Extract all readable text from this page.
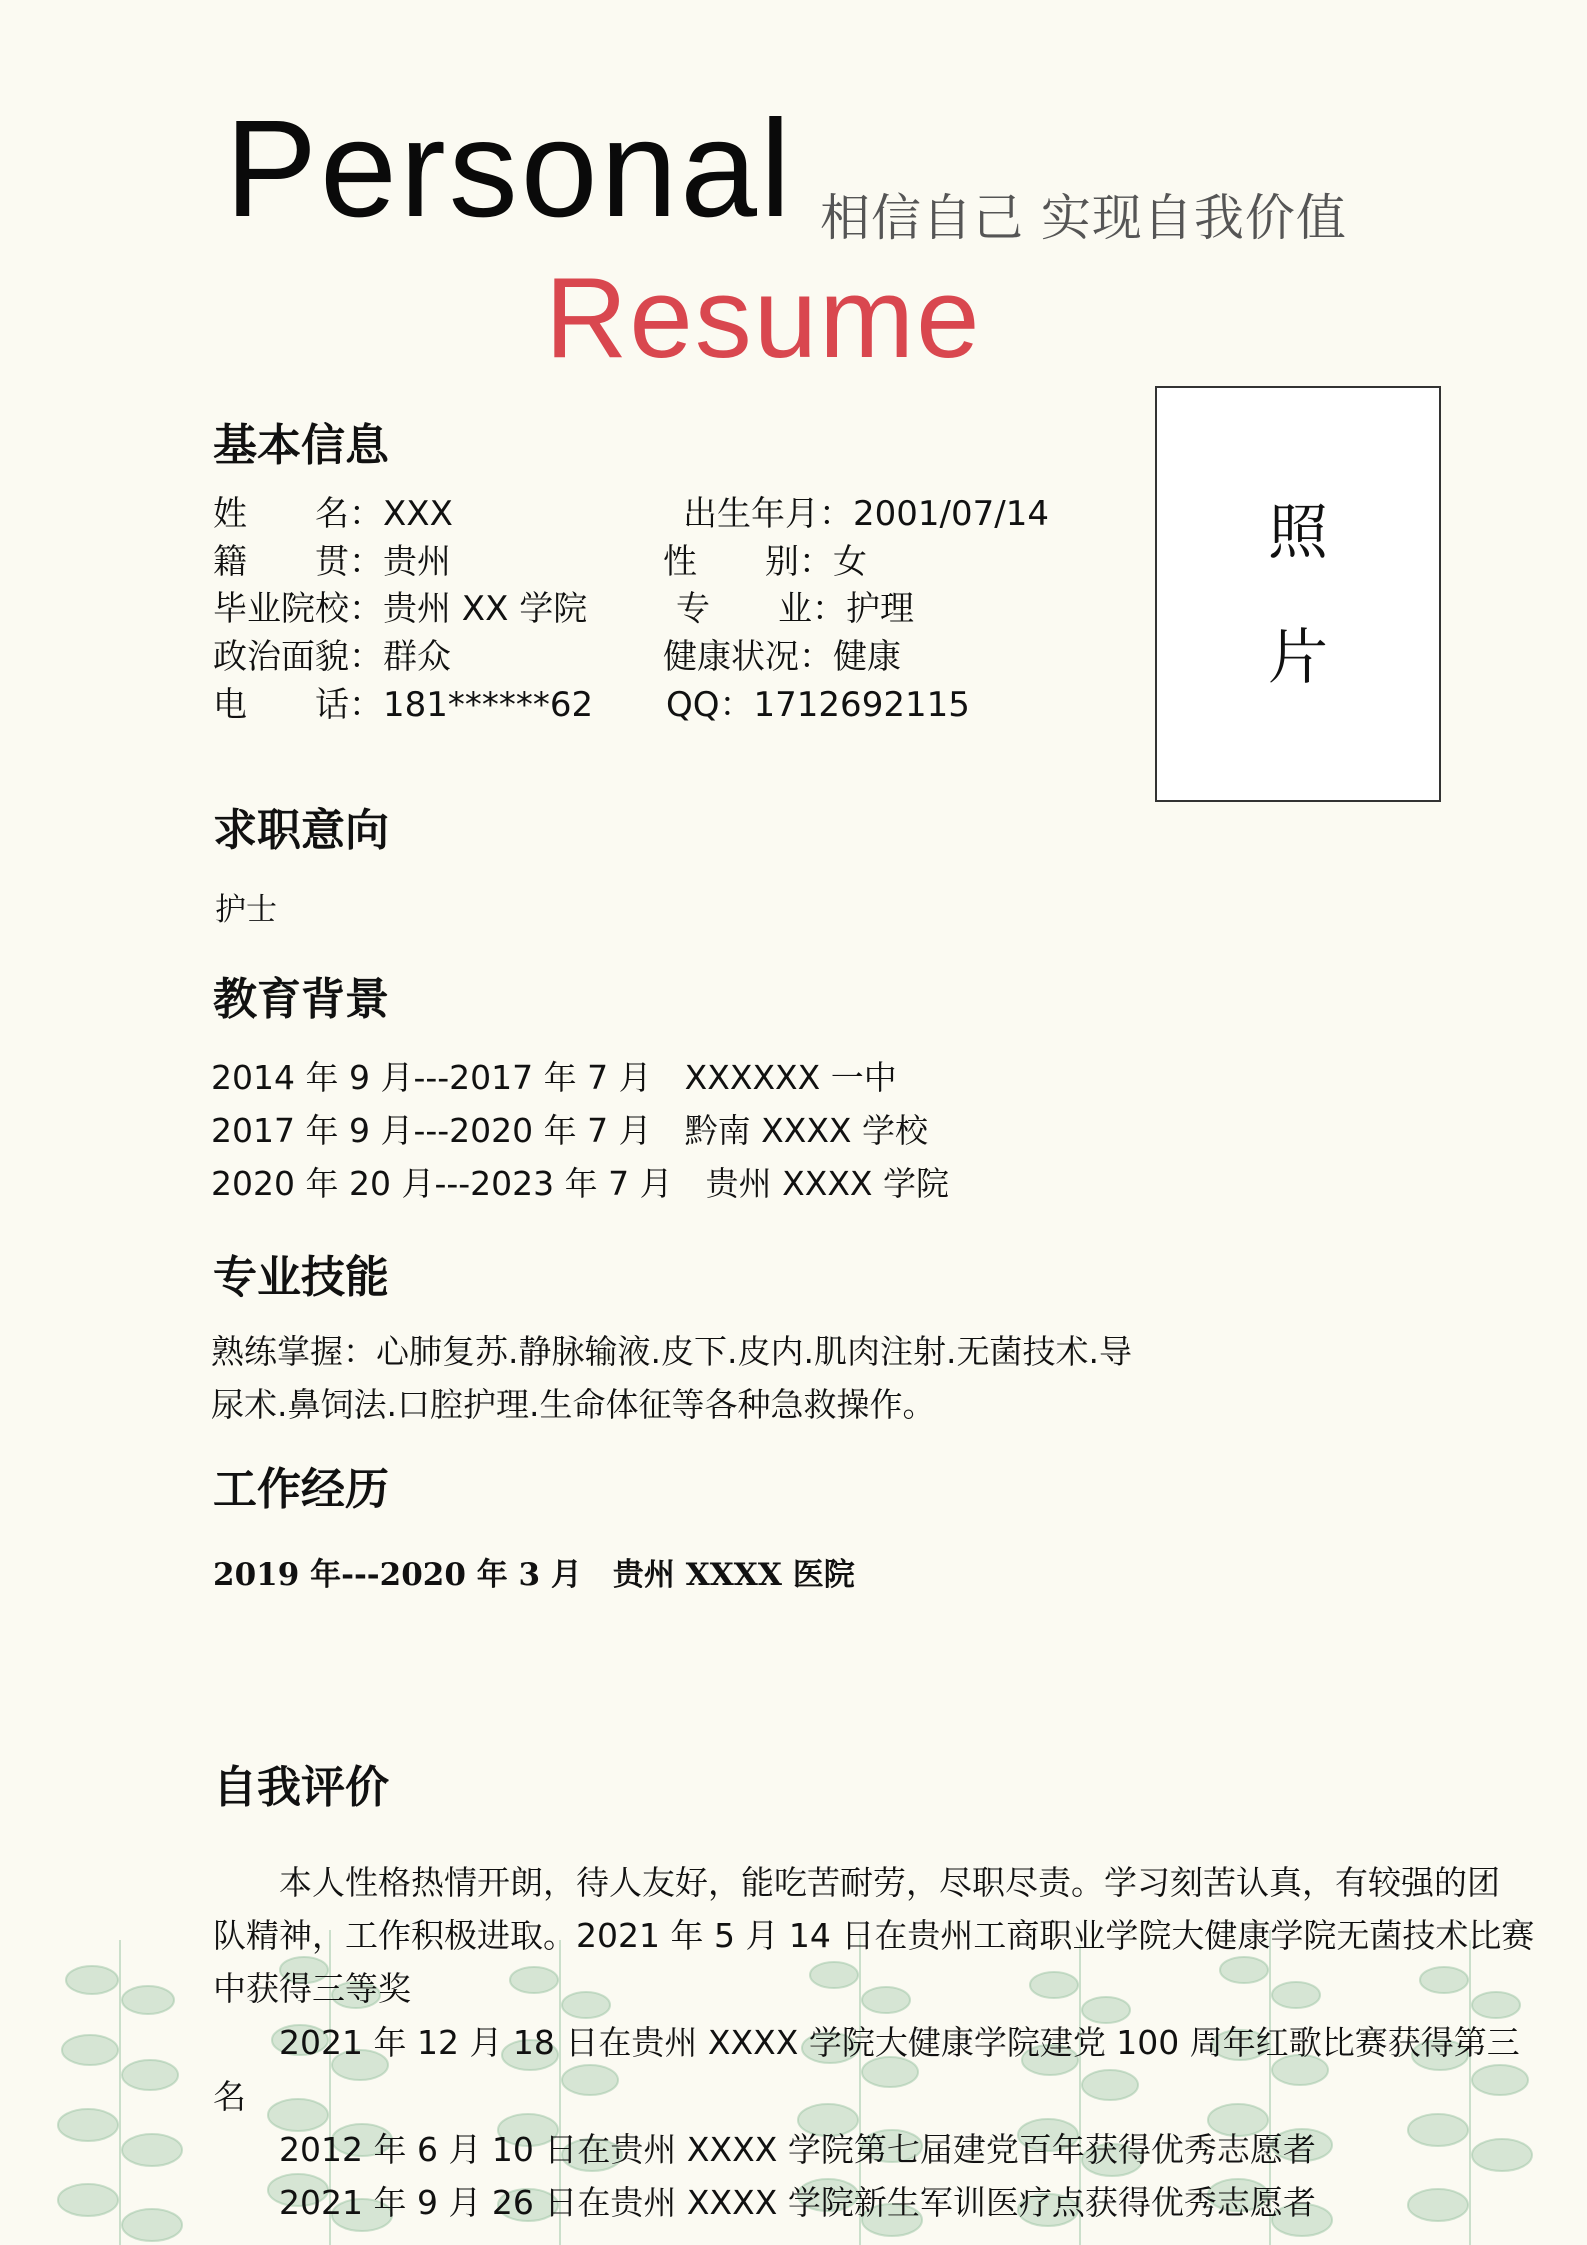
Personal 相信自己 实现自我价值
Resume
基本信息
姓　　名：XXX
籍　　贯：贵州
毕业院校：贵州 XX 学院
政治面貌：群众
电　　话：181******62
出生年月：2001/07/14
性　　别：女
专　　业：护理
健康状况：健康
QQ：1712692115
照
片
求职意向
护士
教育背景
2014 年 9 月---2017 年 7 月　XXXXXX 一中
2017 年 9 月---2020 年 7 月　黔南 XXXX 学校
2020 年 20 月---2023 年 7 月　贵州 XXXX 学院
专业技能
熟练掌握：心肺复苏.静脉输液.皮下.皮内.肌肉注射.无菌技术.导
尿术.鼻饲法.口腔护理.生命体征等各种急救操作。
工作经历
2019 年---2020 年 3 月　贵州 XXXX 医院
自我评价
　　本人性格热情开朗，待人友好，能吃苦耐劳，尽职尽责。学习刻苦认真，有较强的团
队精神，工作积极进取。2021 年 5 月 14 日在贵州工商职业学院大健康学院无菌技术比赛
中获得三等奖
　　2021 年 12 月 18 日在贵州 XXXX 学院大健康学院建党 100 周年红歌比赛获得第三
名
　　2012 年 6 月 10 日在贵州 XXXX 学院第七届建党百年获得优秀志愿者
　　2021 年 9 月 26 日在贵州 XXXX 学院新生军训医疗点获得优秀志愿者
